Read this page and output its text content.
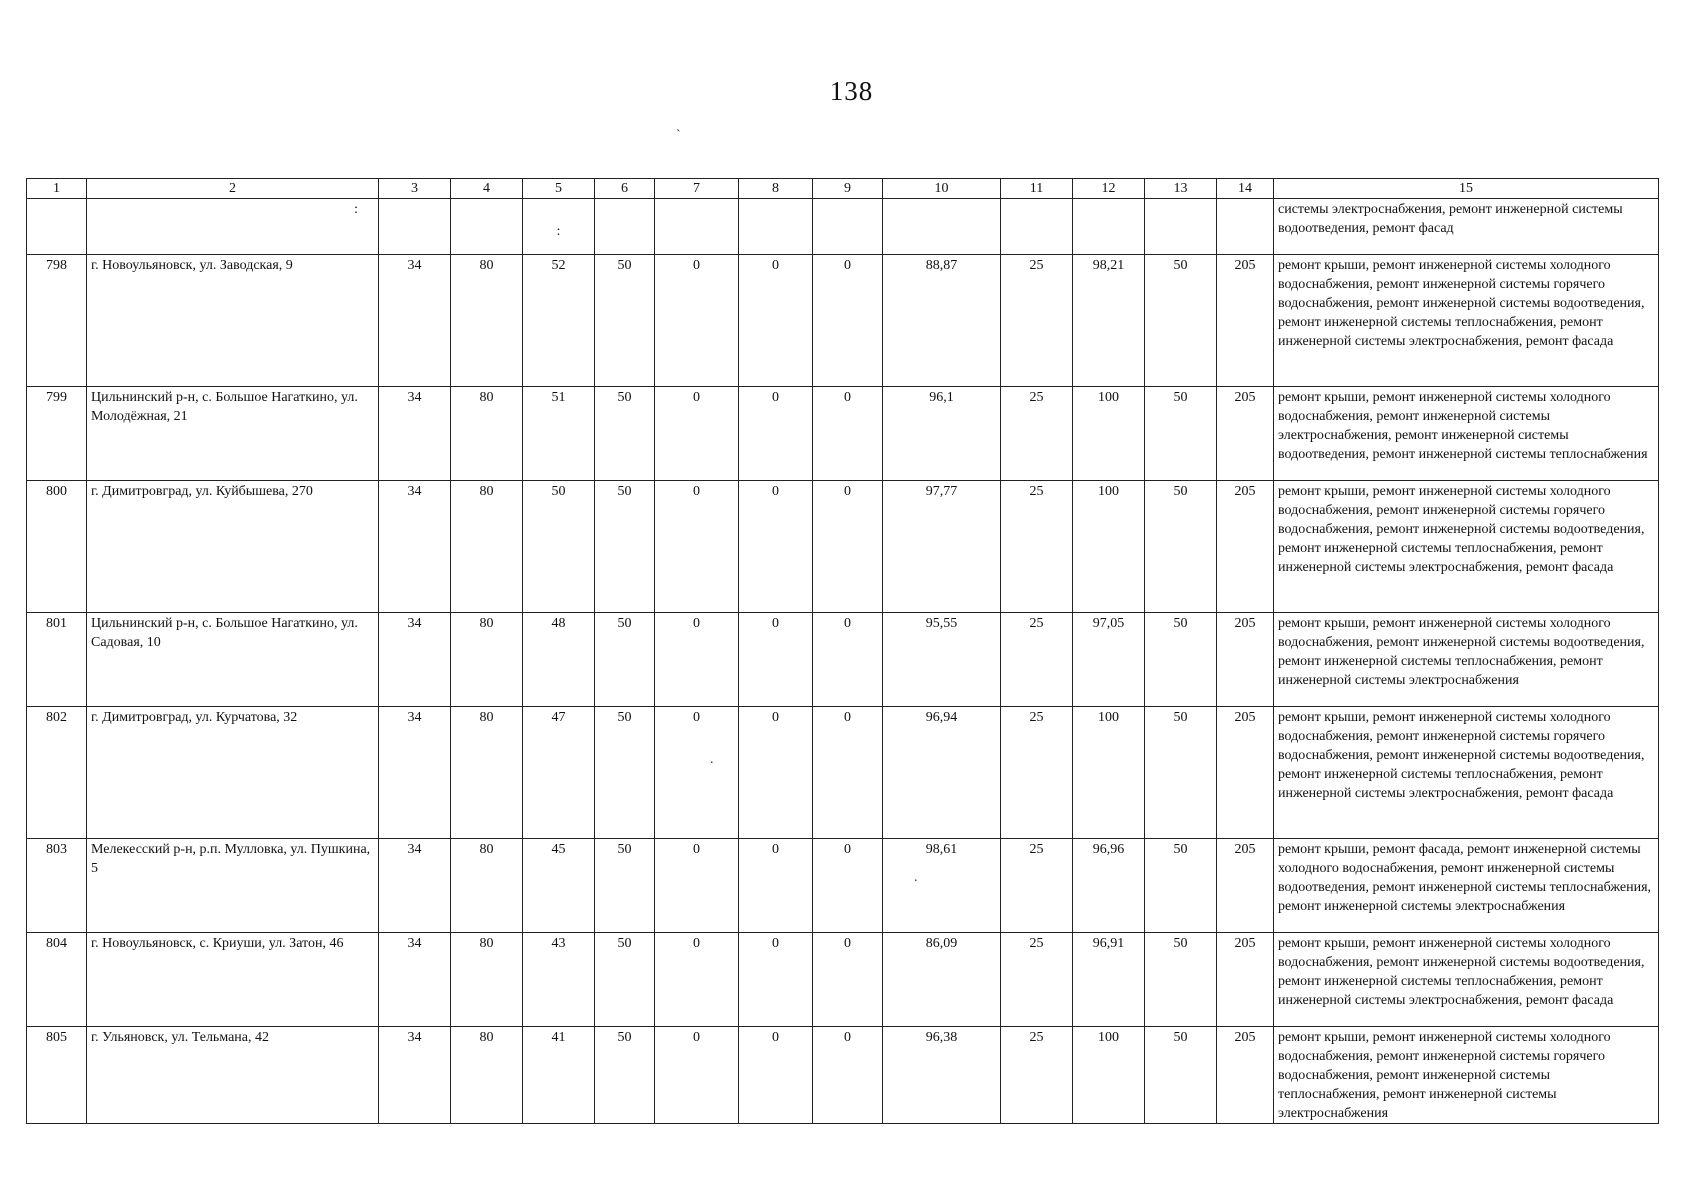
138
`
.
.
1	2	3	4	5	6	7	8	9	10	11	12	13	14	15
	:			:										системы электроснабжения, ремонт инженерной системы водоотведения, ремонт фасад
798	г. Новоульяновск, ул. Заводская, 9	34	80	52	50	0	0	0	88,87	25	98,21	50	205	ремонт крыши, ремонт инженерной системы холодного водоснабжения, ремонт инженерной системы горячего водоснабжения, ремонт инженерной системы водоотведения, ремонт инженерной системы теплоснабжения, ремонт инженерной системы электроснабжения, ремонт фасада
799	Цильнинский р-н, с. Большое Нагаткино, ул. Молодёжная, 21	34	80	51	50	0	0	0	96,1	25	100	50	205	ремонт крыши, ремонт инженерной системы холодного водоснабжения, ремонт инженерной системы электроснабжения, ремонт инженерной системы водоотведения, ремонт инженерной системы теплоснабжения
800	г. Димитровград, ул. Куйбышева, 270	34	80	50	50	0	0	0	97,77	25	100	50	205	ремонт крыши, ремонт инженерной системы холодного водоснабжения, ремонт инженерной системы горячего водоснабжения, ремонт инженерной системы водоотведения, ремонт инженерной системы теплоснабжения, ремонт инженерной системы электроснабжения, ремонт фасада
801	Цильнинский р-н, с. Большое Нагаткино, ул. Садовая, 10	34	80	48	50	0	0	0	95,55	25	97,05	50	205	ремонт крыши, ремонт инженерной системы холодного водоснабжения, ремонт инженерной системы водоотведения, ремонт инженерной системы теплоснабжения, ремонт инженерной системы электроснабжения
802	г. Димитровград, ул. Курчатова, 32	34	80	47	50	0	0	0	96,94	25	100	50	205	ремонт крыши, ремонт инженерной системы холодного водоснабжения, ремонт инженерной системы горячего водоснабжения, ремонт инженерной системы водоотведения, ремонт инженерной системы теплоснабжения, ремонт инженерной системы электроснабжения, ремонт фасада
803	Мелекесский р-н, р.п. Мулловка, ул. Пушкина, 5	34	80	45	50	0	0	0	98,61	25	96,96	50	205	ремонт крыши, ремонт фасада, ремонт инженерной системы холодного водоснабжения, ремонт инженерной системы водоотведения, ремонт инженерной системы теплоснабжения, ремонт инженерной системы электроснабжения
804	г. Новоульяновск, с. Криуши, ул. Затон, 46	34	80	43	50	0	0	0	86,09	25	96,91	50	205	ремонт крыши, ремонт инженерной системы холодного водоснабжения, ремонт инженерной системы водоотведения, ремонт инженерной системы теплоснабжения, ремонт инженерной системы электроснабжения, ремонт фасада
805	г. Ульяновск, ул. Тельмана, 42	34	80	41	50	0	0	0	96,38	25	100	50	205	ремонт крыши, ремонт инженерной системы холодного водоснабжения, ремонт инженерной системы горячего водоснабжения, ремонт инженерной системы теплоснабжения, ремонт инженерной системы электроснабжения
